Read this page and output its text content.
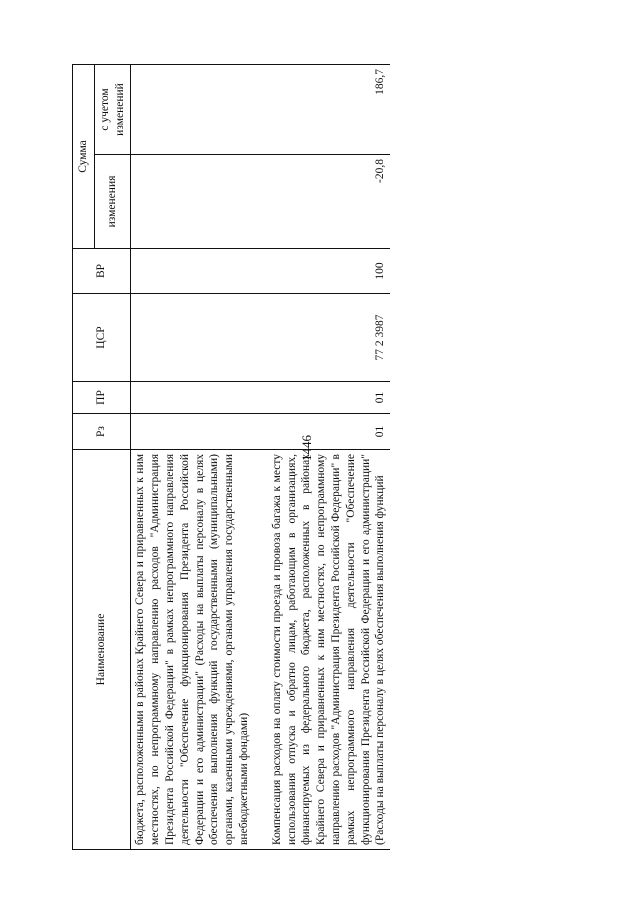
1446
Наименование	Рз	ПР	ЦСР	ВР	Сумма	
					изменения	с учетом изменений
бюджета, расположенными в районах Крайнего Севера и приравненных к ним местностях, по непрограммному направлению расходов "Администрация Президента Российской Федерации" в рамках непрограммного направления деятельности "Обеспечение функционирования Президента Российской Федерации и его администрации" (Расходы на выплаты персоналу в целях обеспечения выполнения функций государственными (муниципальными) органами, казенными учреждениями, органами управления государственными внебюджетными фондами)						

Компенсация расходов на оплату стоимости проезда и провоза багажа к месту использования отпуска и обратно лицам, работающим в организациях, финансируемых из федерального бюджета, расположенных в районах Крайнего Севера и приравненных к ним местностях, по непрограммному направлению расходов "Администрация Президента Российской Федерации" в рамках непрограммного направления деятельности "Обеспечение функционирования Президента Российской Федерации и его администрации" (Расходы на выплаты персоналу в целях обеспечения выполнения функций	01	01	77 2 3987	100	-20,8	186,7
